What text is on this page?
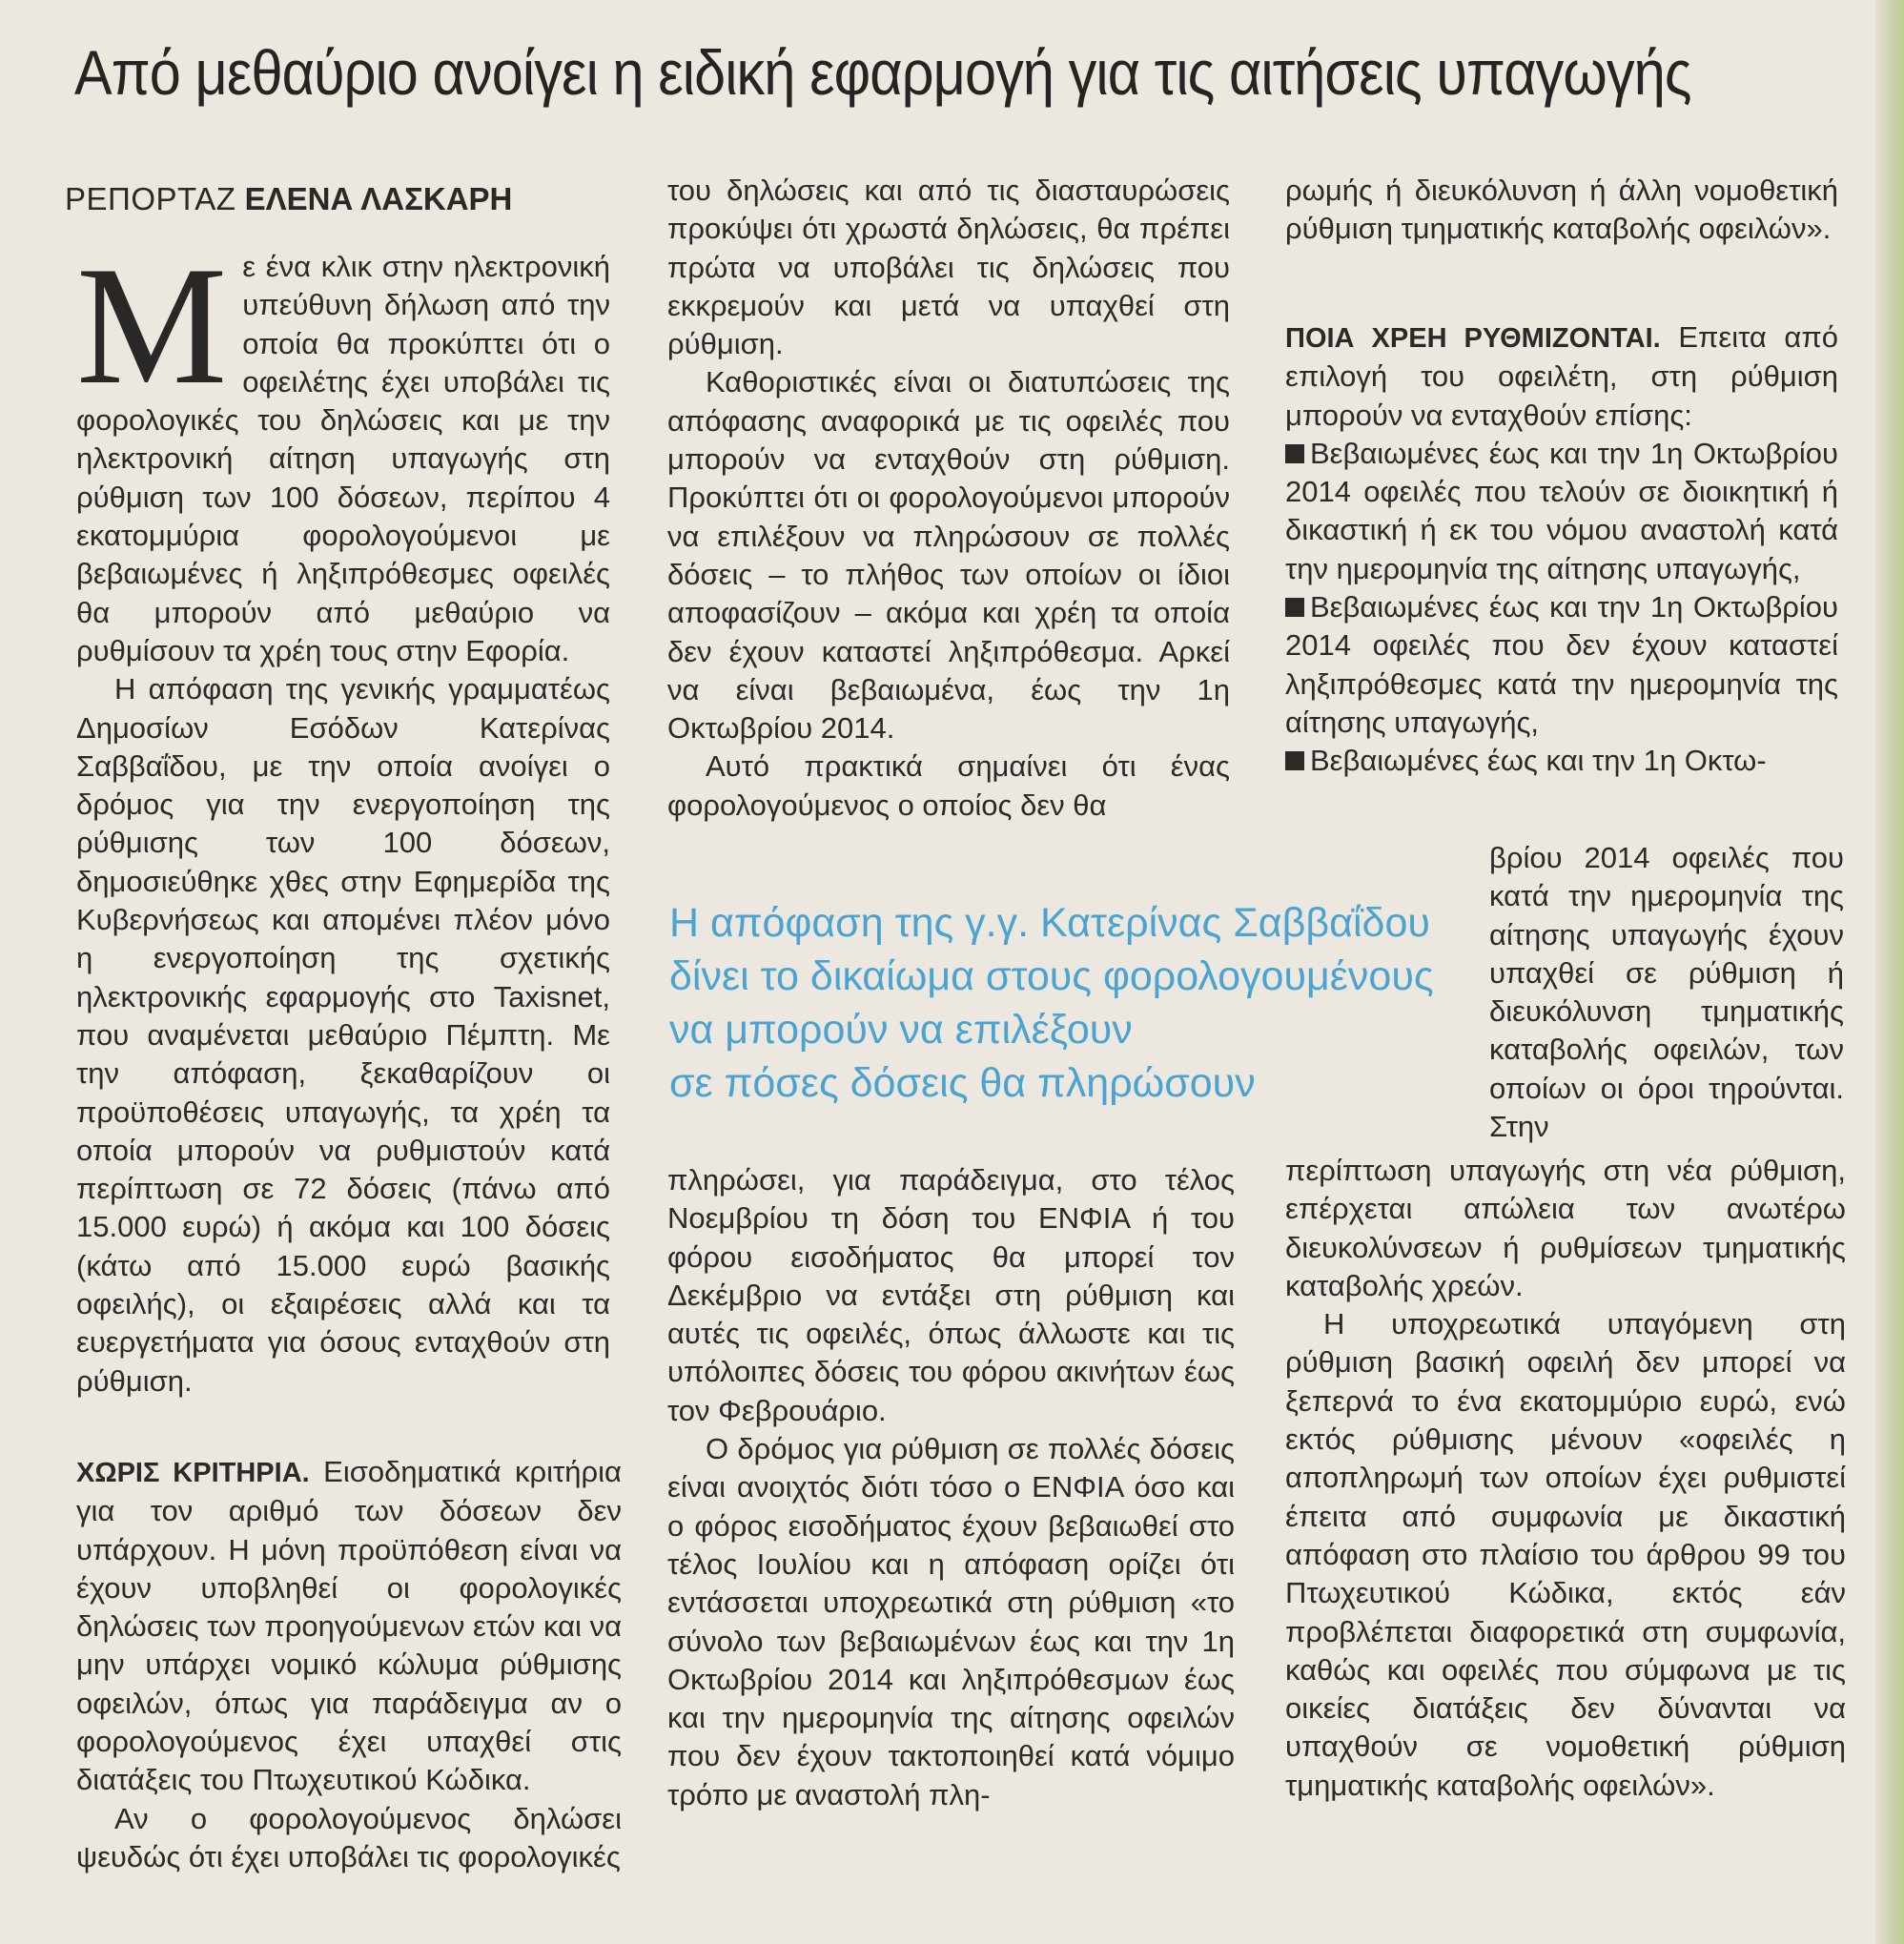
Από μεθαύριο ανοίγει η ειδική εφαρμογή για τις αιτήσεις υπαγωγής
ΡΕΠΟΡΤΑΖ ΕΛΕΝΑ ΛΑΣΚΑΡΗ

Με ένα κλικ στην ηλεκτρονική υπεύθυνη δήλωση από την οποία θα προκύπτει ότι ο οφειλέτης έχει υποβάλει τις φορολογικές του δηλώσεις και με την ηλεκτρονική αίτηση υπαγωγής στη ρύθμιση των 100 δόσεων, περίπου 4 εκατομμύρια φορολογούμενοι με βεβαιωμένες ή ληξιπρόθεσμες οφειλές θα μπορούν από μεθαύριο να ρυθμίσουν τα χρέη τους στην Εφορία.

Η απόφαση της γενικής γραμματέως Δημοσίων Εσόδων Κατερίνας Σαββαΐδου, με την οποία ανοίγει ο δρόμος για την ενεργοποίηση της ρύθμισης των 100 δόσεων, δημοσιεύθηκε χθες στην Εφημερίδα της Κυβερνήσεως και απομένει πλέον μόνο η ενεργοποίηση της σχετικής ηλεκτρονικής εφαρμογής στο Taxisnet, που αναμένεται μεθαύριο Πέμπτη. Με την απόφαση, ξεκαθαρίζουν οι προϋποθέσεις υπαγωγής, τα χρέη τα οποία μπορούν να ρυθμιστούν κατά περίπτωση σε 72 δόσεις (πάνω από 15.000 ευρώ) ή ακόμα και 100 δόσεις (κάτω από 15.000 ευρώ βασικής οφειλής), οι εξαιρέσεις αλλά και τα ευεργετήματα για όσους ενταχθούν στη ρύθμιση.

ΧΩΡΙΣ ΚΡΙΤΗΡΙΑ. Εισοδηματικά κριτήρια για τον αριθμό των δόσεων δεν υπάρχουν. Η μόνη προϋπόθεση είναι να έχουν υποβληθεί οι φορολογικές δηλώσεις των προηγούμενων ετών και να μην υπάρχει νομικό κώλυμα ρύθμισης οφειλών, όπως για παράδειγμα αν ο φορολογούμενος έχει υπαχθεί στις διατάξεις του Πτωχευτικού Κώδικα.

Αν ο φορολογούμενος δηλώσει ψευδώς ότι έχει υποβάλει τις φορολογικές

του δηλώσεις και από τις διασταυρώσεις προκύψει ότι χρωστά δηλώσεις, θα πρέπει πρώτα να υποβάλει τις δηλώσεις που εκκρεμούν και μετά να υπαχθεί στη ρύθμιση.

Καθοριστικές είναι οι διατυπώσεις της απόφασης αναφορικά με τις οφειλές που μπορούν να ενταχθούν στη ρύθμιση. Προκύπτει ότι οι φορολογούμενοι μπορούν να επιλέξουν να πληρώσουν σε πολλές δόσεις – το πλήθος των οποίων οι ίδιοι αποφασίζουν – ακόμα και χρέη τα οποία δεν έχουν καταστεί ληξιπρόθεσμα. Αρκεί να είναι βεβαιωμένα, έως την 1η Οκτωβρίου 2014.

Αυτό πρακτικά σημαίνει ότι ένας φορολογούμενος ο οποίος δεν θα

Η απόφαση της γ.γ. Κατερίνας Σαββαΐδου
δίνει το δικαίωμα στους φορολογουμένους
να μπορούν να επιλέξουν
σε πόσες δόσεις θα πληρώσουν

πληρώσει, για παράδειγμα, στο τέλος Νοεμβρίου τη δόση του ΕΝΦΙΑ ή του φόρου εισοδήματος θα μπορεί τον Δεκέμβριο να εντάξει στη ρύθμιση και αυτές τις οφειλές, όπως άλλωστε και τις υπόλοιπες δόσεις του φόρου ακινήτων έως τον Φεβρουάριο.

Ο δρόμος για ρύθμιση σε πολλές δόσεις είναι ανοιχτός διότι τόσο ο ΕΝΦΙΑ όσο και ο φόρος εισοδήματος έχουν βεβαιωθεί στο τέλος Ιουλίου και η απόφαση ορίζει ότι εντάσσεται υποχρεωτικά στη ρύθμιση «το σύνολο των βεβαιωμένων έως και την 1η Οκτωβρίου 2014 και ληξιπρόθεσμων έως και την ημερομηνία της αίτησης οφειλών που δεν έχουν τακτοποιηθεί κατά νόμιμο τρόπο με αναστολή πλη-

ρωμής ή διευκόλυνση ή άλλη νομοθετική ρύθμιση τμηματικής καταβολής οφειλών».

ΠΟΙΑ ΧΡΕΗ ΡΥΘΜΙΖΟΝΤΑΙ. Επειτα από επιλογή του οφειλέτη, στη ρύθμιση μπορούν να ενταχθούν επίσης:

Βεβαιωμένες έως και την 1η Οκτωβρίου 2014 οφειλές που τελούν σε διοικητική ή δικαστική ή εκ του νόμου αναστολή κατά την ημερομηνία της αίτησης υπαγωγής,

Βεβαιωμένες έως και την 1η Οκτωβρίου 2014 οφειλές που δεν έχουν καταστεί ληξιπρόθεσμες κατά την ημερομηνία της αίτησης υπαγωγής,

Βεβαιωμένες έως και την 1η Οκτω-

βρίου 2014 οφειλές που κατά την ημερομηνία της αίτησης υπαγωγής έχουν υπαχθεί σε ρύθμιση ή διευκόλυνση τμηματικής καταβολής οφειλών, των οποίων οι όροι τηρούνται. Στην

περίπτωση υπαγωγής στη νέα ρύθμιση, επέρχεται απώλεια των ανωτέρω διευκολύνσεων ή ρυθμίσεων τμηματικής καταβολής χρεών.

Η υποχρεωτικά υπαγόμενη στη ρύθμιση βασική οφειλή δεν μπορεί να ξεπερνά το ένα εκατομμύριο ευρώ, ενώ εκτός ρύθμισης μένουν «οφειλές η αποπληρωμή των οποίων έχει ρυθμιστεί έπειτα από συμφωνία με δικαστική απόφαση στο πλαίσιο του άρθρου 99 του Πτωχευτικού Κώδικα, εκτός εάν προβλέπεται διαφορετικά στη συμφωνία, καθώς και οφειλές που σύμφωνα με τις οικείες διατάξεις δεν δύνανται να υπαχθούν σε νομοθετική ρύθμιση τμηματικής καταβολής οφειλών».
